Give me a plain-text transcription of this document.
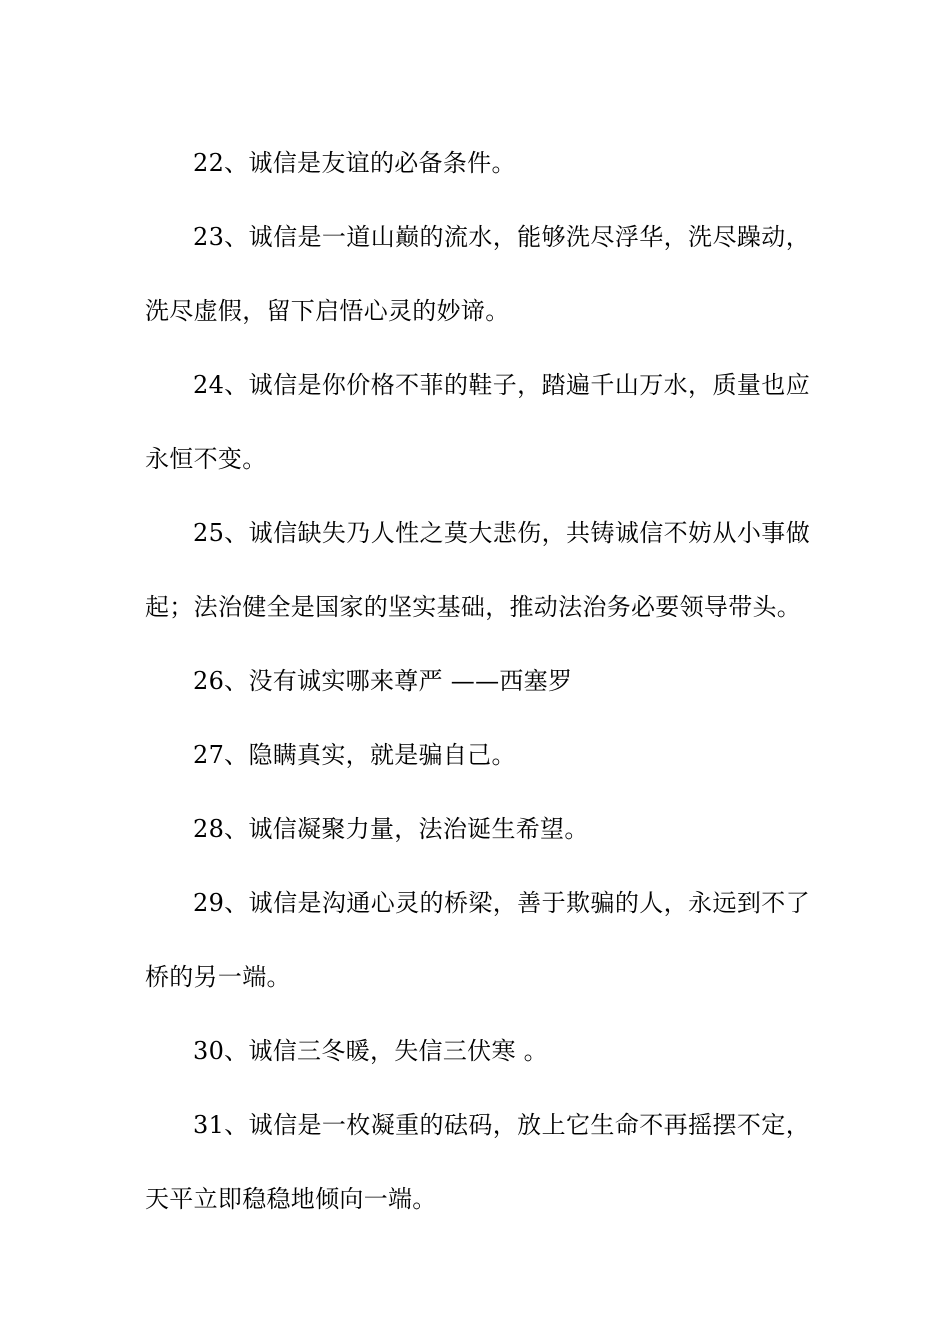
22、诚信是友谊的必备条件。

23、诚信是一道山巅的流水，能够洗尽浮华，洗尽躁动，洗尽虚假，留下启悟心灵的妙谛。

24、诚信是你价格不菲的鞋子，踏遍千山万水，质量也应永恒不变。

25、诚信缺失乃人性之莫大悲伤，共铸诚信不妨从小事做起；法治健全是国家的坚实基础，推动法治务必要领导带头。

26、没有诚实哪来尊严 ——西塞罗

27、隐瞒真实，就是骗自己。

28、诚信凝聚力量，法治诞生希望。

29、诚信是沟通心灵的桥梁，善于欺骗的人，永远到不了桥的另一端。

30、诚信三冬暖，失信三伏寒 。

31、诚信是一枚凝重的砝码，放上它生命不再摇摆不定，天平立即稳稳地倾向一端。
